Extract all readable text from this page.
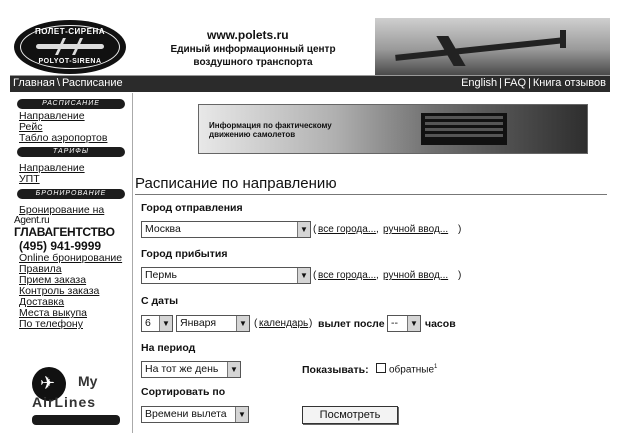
ПОЛЕТ-СИРЕНА
POLYOT-SIRENA
www.polets.ru
Единый информационный центр воздушного транспорта
Главная \ Расписание	English | FAQ | Книга отзывов
РАСПИСАНИЕ
Направление
Рейс
Табло аэропортов
ТАРИФЫ
Направление
УПТ
БРОНИРОВАНИЕ
Бронирование на
Agent.ru
ГЛАВАГЕНТСТВО
(495) 941-9999
Online бронирование
Правила
Прием заказа
Контроль заказа
Доставка
Места выкупа
По телефону
✈ My
AirLines
Информация по фактическому движению самолетов
Расписание по направлению
Город отправления
Москва	▼ ( все города... , ручной ввод... )
Город прибытия
Пермь	▼ ( все города... , ручной ввод... )
С даты
6	▼ Января	▼ ( календарь ) вылет после --	▼ часов
На период
На тот же день	▼	Показывать: обратные$^1$
Сортировать по
Времени вылета	▼	Посмотреть
